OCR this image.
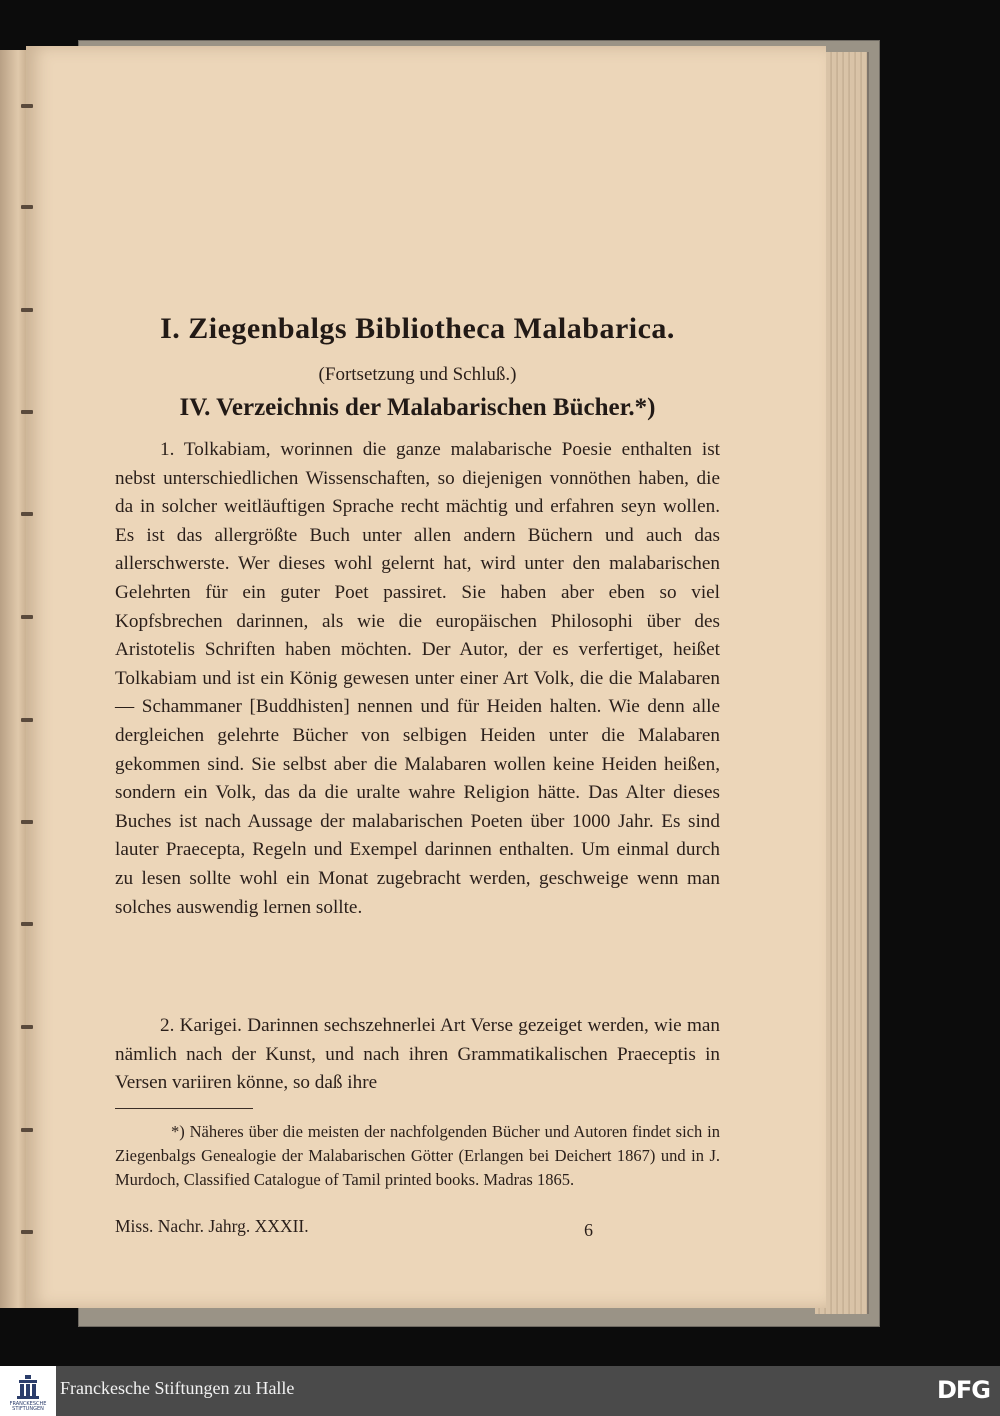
I. Ziegenbalgs Bibliotheca Malabarica.
(Fortsetzung und Schluß.)
IV. Verzeichnis der Malabarischen Bücher.*)

1. Tolkabiam, worinnen die ganze malabarische Poesie enthalten ist nebst unterschiedlichen Wissenschaften, so diejenigen vonnöthen haben, die da in solcher weitläuftigen Sprache recht mächtig und erfahren seyn wollen. Es ist das allergrößte Buch unter allen andern Büchern und auch das allerschwerste. Wer dieses wohl gelernt hat, wird unter den malabarischen Gelehrten für ein guter Poet passiret. Sie haben aber eben so viel Kopfsbrechen darinnen, als wie die europäischen Philosophi über des Aristotelis Schriften haben möchten. Der Autor, der es verfertiget, heißet Tolkabiam und ist ein König gewesen unter einer Art Volk, die die Malabaren — Schammaner [Buddhisten] nennen und für Heiden halten. Wie denn alle dergleichen gelehrte Bücher von selbigen Heiden unter die Malabaren gekommen sind. Sie selbst aber die Malabaren wollen keine Heiden heißen, sondern ein Volk, das da die uralte wahre Religion hätte. Das Alter dieses Buches ist nach Aussage der malabarischen Poeten über 1000 Jahr. Es sind lauter Praecepta, Regeln und Exempel darinnen enthalten. Um einmal durch zu lesen sollte wohl ein Monat zugebracht werden, geschweige wenn man solches auswendig lernen sollte.

2. Karigei. Darinnen sechszehnerlei Art Verse gezeiget werden, wie man nämlich nach der Kunst, und nach ihren Grammatikalischen Praeceptis in Versen variiren könne, so daß ihre

*) Näheres über die meisten der nachfolgenden Bücher und Autoren findet sich in Ziegenbalgs Genealogie der Malabarischen Götter (Erlangen bei Deichert 1867) und in J. Murdoch, Classified Catalogue of Tamil printed books. Madras 1865.

Miss. Nachr. Jahrg. XXXII.	6
FRANCKESCHE STIFTUNGEN
Franckesche Stiftungen zu Halle	DFG
